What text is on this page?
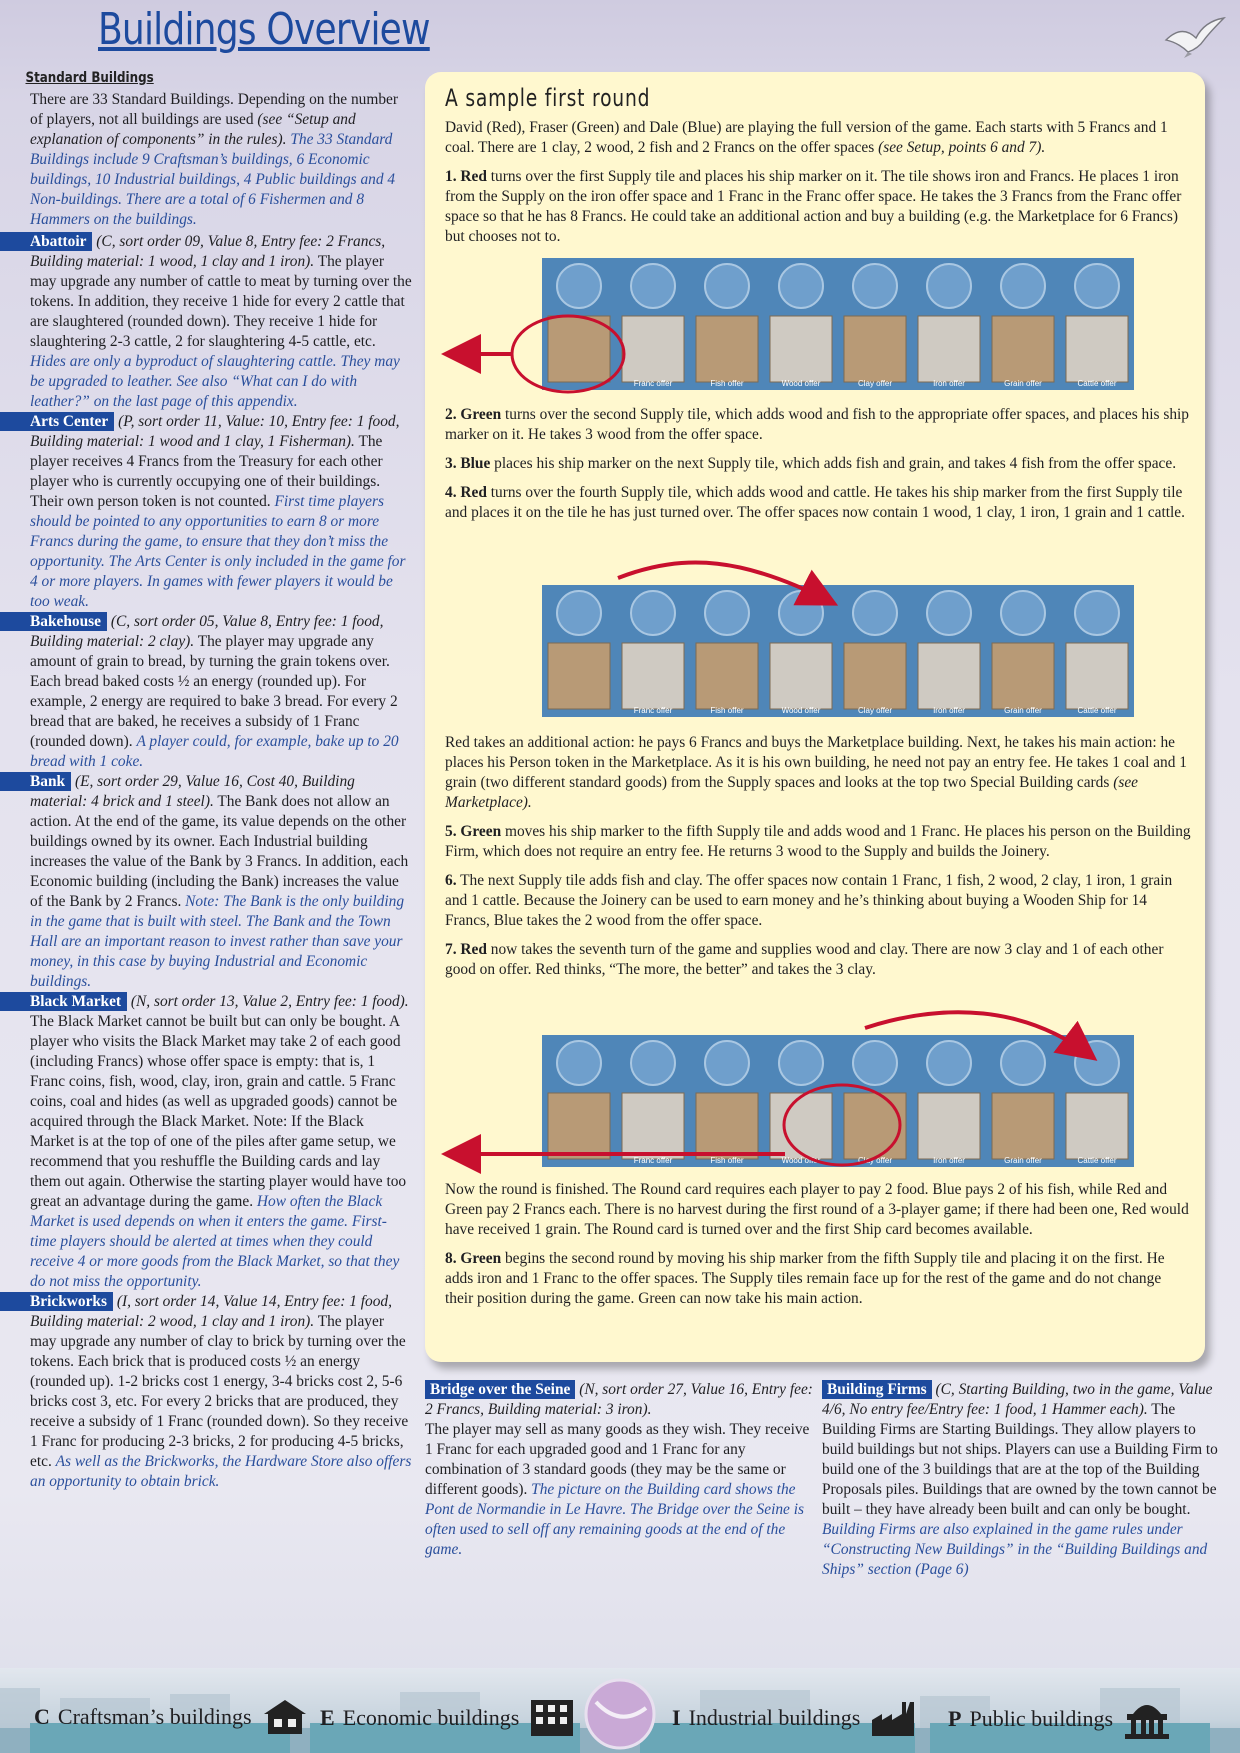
Buildings Overview
Standard Buildings

There are 33 Standard Buildings. Depending on the number of players, not all buildings are used (see “Setup and explanation of components” in the rules). The 33 Standard Buildings include 9 Craftsman’s buildings, 6 Economic buildings, 10 Industrial buildings, 4 Public buildings and 4 Non-buildings. There are a total of 6 Fishermen and 8 Hammers on the buildings.

Abattoir (C, sort order 09, Value 8, Entry fee: 2 Francs, Building material: 1 wood, 1 clay and 1 iron). The player may upgrade any number of cattle to meat by turning over the tokens. In addition, they receive 1 hide for every 2 cattle that are slaughtered (rounded down). They receive 1 hide for slaughtering 2-3 cattle, 2 for slaughtering 4-5 cattle, etc. Hides are only a byproduct of slaughtering cattle. They may be upgraded to leather. See also “What can I do with leather?” on the last page of this appendix.
Arts Center (P, sort order 11, Value: 10, Entry fee: 1 food, Building material: 1 wood and 1 clay, 1 Fisherman). The player receives 4 Francs from the Treasury for each other player who is currently occupying one of their buildings. Their own person token is not counted. First time players should be pointed to any opportunities to earn 8 or more Francs during the game, to ensure that they don’t miss the opportunity. The Arts Center is only included in the game for 4 or more players. In games with fewer players it would be too weak.
Bakehouse (C, sort order 05, Value 8, Entry fee: 1 food, Building material: 2 clay). The player may upgrade any amount of grain to bread, by turning the grain tokens over. Each bread baked costs ½ an energy (rounded up). For example, 2 energy are required to bake 3 bread. For every 2 bread that are baked, he receives a subsidy of 1 Franc (rounded down). A player could, for example, bake up to 20 bread with 1 coke.
Bank (E, sort order 29, Value 16, Cost 40, Building material: 4 brick and 1 steel). The Bank does not allow an action. At the end of the game, its value depends on the other buildings owned by its owner. Each Industrial building increases the value of the Bank by 3 Francs. In addition, each Economic building (including the Bank) increases the value of the Bank by 2 Francs. Note: The Bank is the only building in the game that is built with steel. The Bank and the Town Hall are an important reason to invest rather than save your money, in this case by buying Industrial and Economic buildings.
Black Market (N, sort order 13, Value 2, Entry fee: 1 food). The Black Market cannot be built but can only be bought. A player who visits the Black Market may take 2 of each good (including Francs) whose offer space is empty: that is, 1 Franc coins, fish, wood, clay, iron, grain and cattle. 5 Franc coins, coal and hides (as well as upgraded goods) cannot be acquired through the Black Market. Note: If the Black Market is at the top of one of the piles after game setup, we recommend that you reshuffle the Building cards and lay them out again. Otherwise the starting player would have too great an advantage during the game. How often the Black Market is used depends on when it enters the game. First-time players should be alerted at times when they could receive 4 or more goods from the Black Market, so that they do not miss the opportunity.
Brickworks (I, sort order 14, Value 14, Entry fee: 1 food, Building material: 2 wood, 1 clay and 1 iron). The player may upgrade any number of clay to brick by turning over the tokens. Each brick that is produced costs ½ an energy (rounded up). 1-2 bricks cost 1 energy, 3-4 bricks cost 2, 5-6 bricks cost 3, etc. For every 2 bricks that are produced, they receive a subsidy of 1 Franc (rounded down). So they receive 1 Franc for producing 2-3 bricks, 2 for producing 4-5 bricks, etc. As well as the Brickworks, the Hardware Store also offers an opportunity to obtain brick.
A sample first round

David (Red), Fraser (Green) and Dale (Blue) are playing the full version of the game. Each starts with 5 Francs and 1 coal. There are 1 clay, 2 wood, 2 fish and 2 Francs on the offer spaces (see Setup, points 6 and 7).

1. Red turns over the first Supply tile and places his ship marker on it. The tile shows iron and Francs. He places 1 iron from the Supply on the iron offer space and 1 Franc in the Franc offer space. He takes the 3 Francs from the Franc offer space so that he has 8 Francs. He could take an additional action and buy a building (e.g. the Marketplace for 6 Francs) but chooses not to.

Franc offer	Fish offer	Wood offer	Clay offer	Iron offer	Grain offer	Cattle offer

2. Green turns over the second Supply tile, which adds wood and fish to the appropriate offer spaces, and places his ship marker on it. He takes 3 wood from the offer space.

3. Blue places his ship marker on the next Supply tile, which adds fish and grain, and takes 4 fish from the offer space.

4. Red turns over the fourth Supply tile, which adds wood and cattle. He takes his ship marker from the first Supply tile and places it on the tile he has just turned over. The offer spaces now contain 1 wood, 1 clay, 1 iron, 1 grain and 1 cattle.

Franc offer	Fish offer	Wood offer	Clay offer	Iron offer	Grain offer	Cattle offer

Red takes an additional action: he pays 6 Francs and buys the Marketplace building. Next, he takes his main action: he places his Person token in the Marketplace. As it is his own building, he need not pay an entry fee. He takes 1 coal and 1 grain (two different standard goods) from the Supply spaces and looks at the top two Special Building cards (see Marketplace).

5. Green moves his ship marker to the fifth Supply tile and adds wood and 1 Franc. He places his person on the Building Firm, which does not require an entry fee. He returns 3 wood to the Supply and builds the Joinery.

6. The next Supply tile adds fish and clay. The offer spaces now contain 1 Franc, 1 fish, 2 wood, 2 clay, 1 iron, 1 grain and 1 cattle. Because the Joinery can be used to earn money and he’s thinking about buying a Wooden Ship for 14 Francs, Blue takes the 2 wood from the offer space.

7. Red now takes the seventh turn of the game and supplies wood and clay. There are now 3 clay and 1 of each other good on offer. Red thinks, “The more, the better” and takes the 3 clay.

Franc offer	Fish offer	Wood offer	Clay offer	Iron offer	Grain offer	Cattle offer

Now the round is finished. The Round card requires each player to pay 2 food. Blue pays 2 of his fish, while Red and Green pay 2 Francs each. There is no harvest during the first round of a 3-player game; if there had been one, Red would have received 1 grain. The Round card is turned over and the first Ship card becomes available.

8. Green begins the second round by moving his ship marker from the fifth Supply tile and placing it on the first. He adds iron and 1 Franc to the offer spaces. The Supply tiles remain face up for the rest of the game and do not change their position during the game. Green can now take his main action.

Bridge over the Seine (N, sort order 27, Value 16, Entry fee: 2 Francs, Building material: 3 iron).
The player may sell as many goods as they wish. They receive 1 Franc for each upgraded good and 1 Franc for any combination of 3 standard goods (they may be the same or different goods). The picture on the Building card shows the Pont de Normandie in Le Havre. The Bridge over the Seine is often used to sell off any remaining goods at the end of the game.
Building Firms (C, Starting Building, two in the game, Value 4/6, No entry fee/Entry fee: 1 food, 1 Hammer each). The Building Firms are Starting Buildings. They allow players to build buildings but not ships. Players can use a Building Firm to build one of the 3 buildings that are at the top of the Building Proposals piles. Buildings that are owned by the town cannot be built – they have already been built and can only be bought.
Building Firms are also explained in the game rules under “Constructing New Buildings” in the “Building Buildings and Ships” section (Page 6)
C Craftsman’s buildings	E Economic buildings	I Industrial buildings	P Public buildings
